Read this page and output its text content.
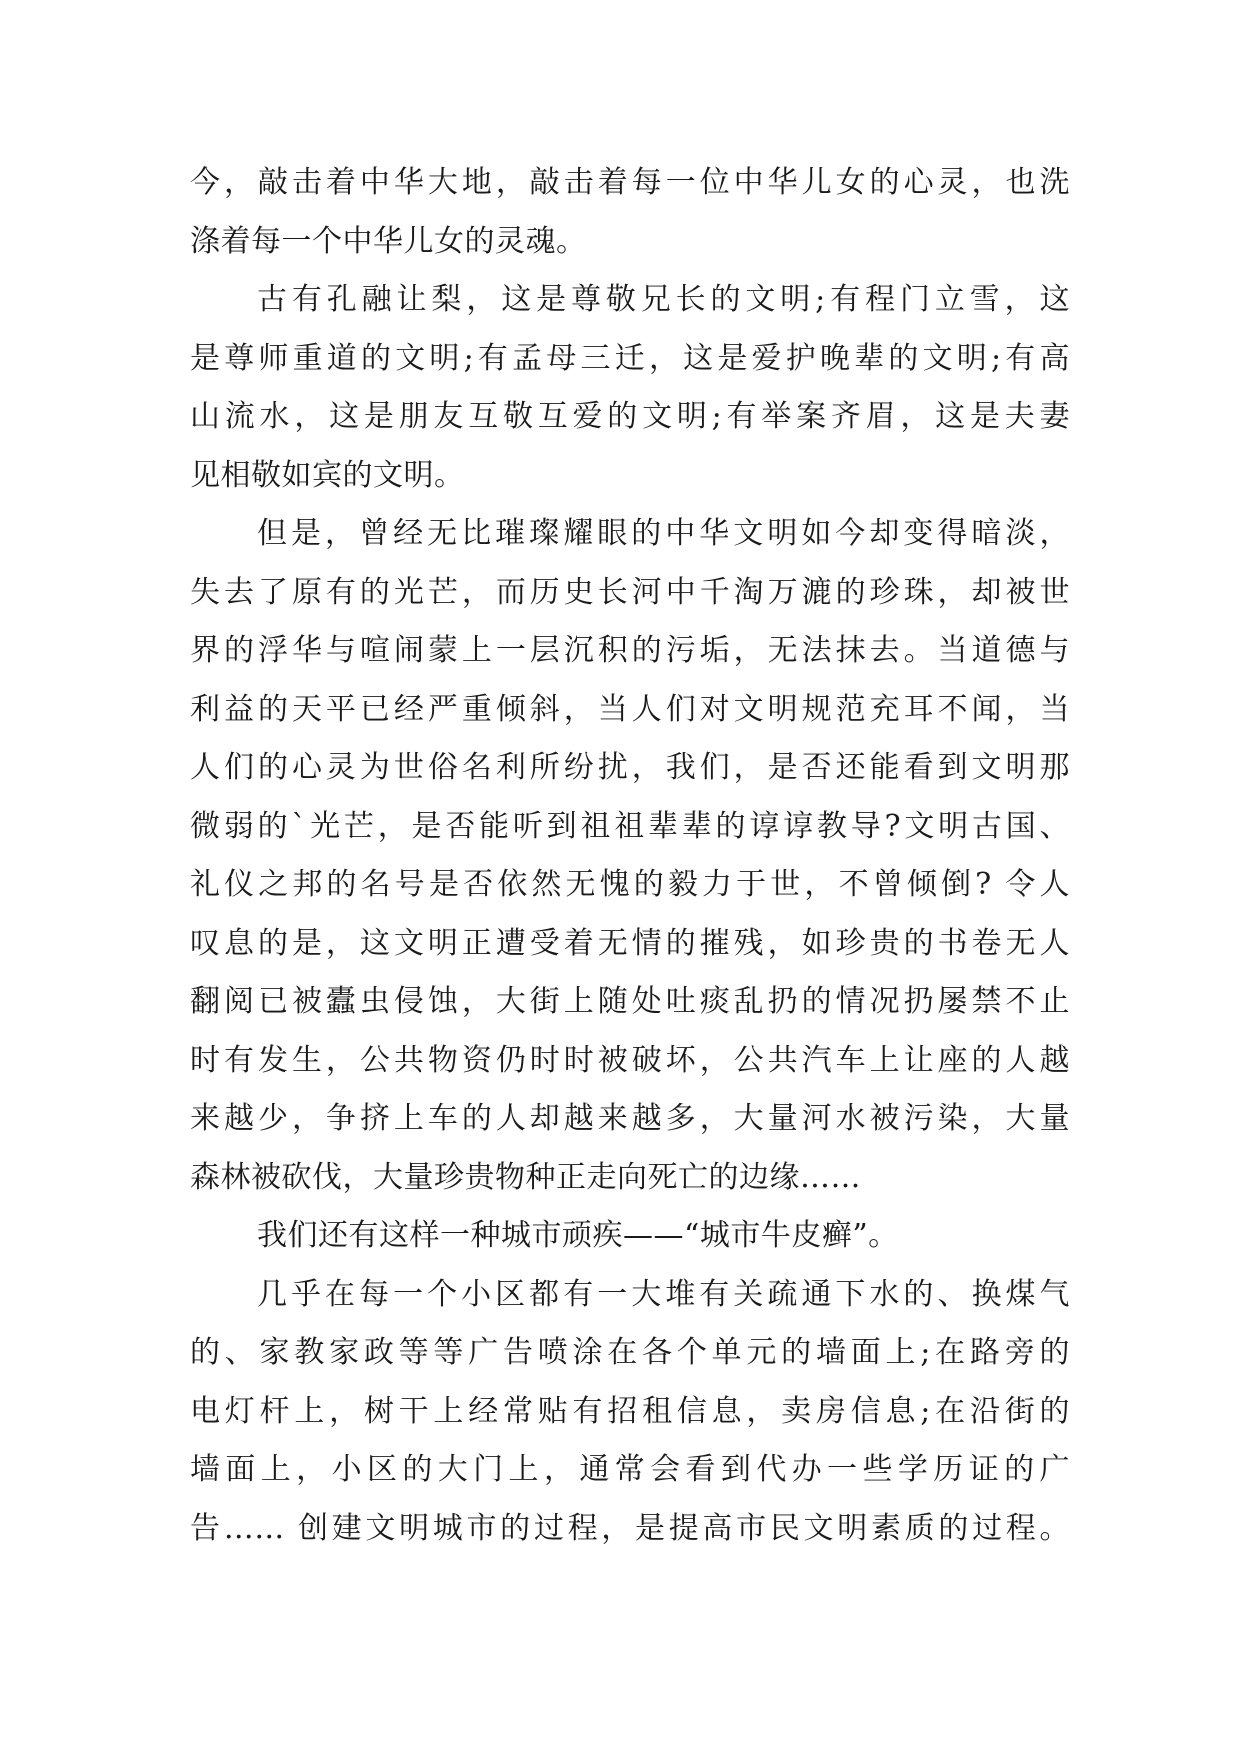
今，敲击着中华大地，敲击着每一位中华儿女的心灵，也洗
涤着每一个中华儿女的灵魂。
古有孔融让梨，这是尊敬兄长的文明;有程门立雪，这
是尊师重道的文明;有孟母三迁，这是爱护晚辈的文明;有高
山流水，这是朋友互敬互爱的文明;有举案齐眉，这是夫妻
见相敬如宾的文明。
但是，曾经无比璀璨耀眼的中华文明如今却变得暗淡，
失去了原有的光芒，而历史长河中千淘万漉的珍珠，却被世
界的浮华与喧闹蒙上一层沉积的污垢，无法抹去。当道德与
利益的天平已经严重倾斜，当人们对文明规范充耳不闻，当
人们的心灵为世俗名利所纷扰，我们，是否还能看到文明那
微弱的`光芒，是否能听到祖祖辈辈的谆谆教导?文明古国、
礼仪之邦的名号是否依然无愧的毅力于世，不曾倾倒? 令人
叹息的是，这文明正遭受着无情的摧残，如珍贵的书卷无人
翻阅已被蠹虫侵蚀，大街上随处吐痰乱扔的情况扔屡禁不止
时有发生，公共物资仍时时被破坏，公共汽车上让座的人越
来越少，争挤上车的人却越来越多，大量河水被污染，大量
森林被砍伐，大量珍贵物种正走向死亡的边缘……
我们还有这样一种城市顽疾——“城市牛皮癣”。
几乎在每一个小区都有一大堆有关疏通下水的、换煤气
的、家教家政等等广告喷涂在各个单元的墙面上;在路旁的
电灯杆上，树干上经常贴有招租信息，卖房信息;在沿街的
墙面上，小区的大门上，通常会看到代办一些学历证的广
告…… 创建文明城市的过程，是提高市民文明素质的过程。
